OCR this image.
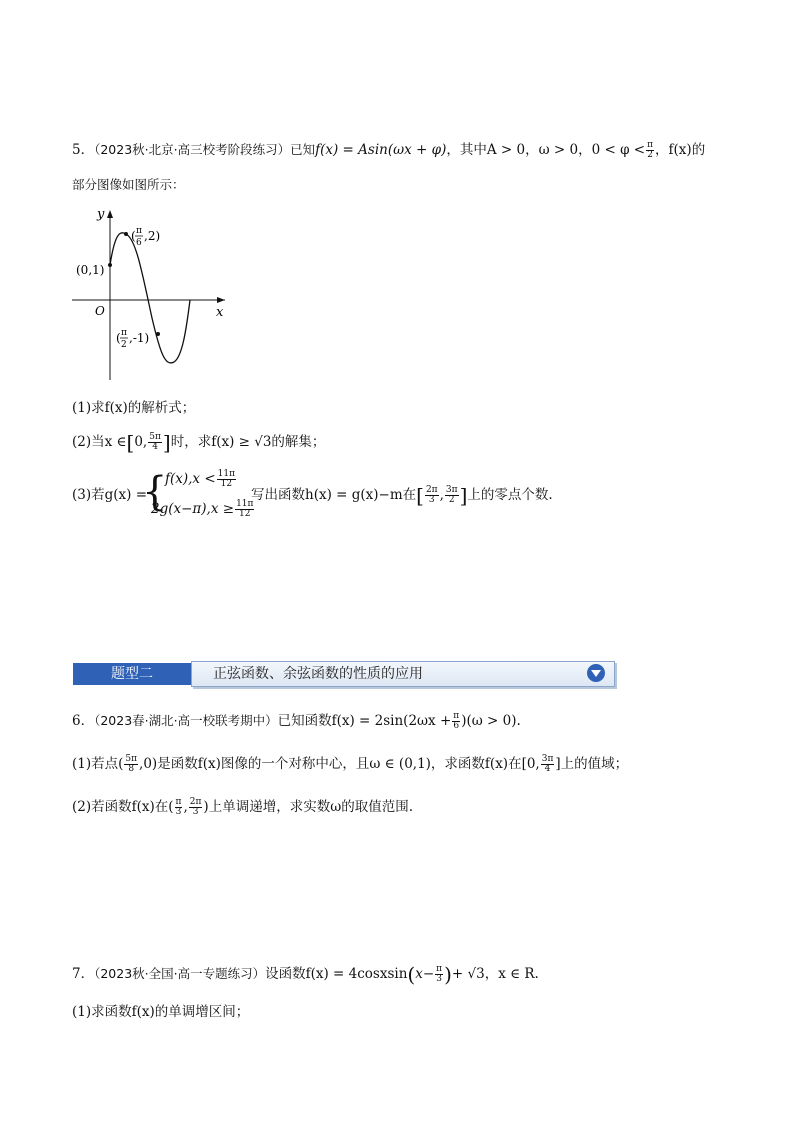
5．（2023秋·北京·高三校考阶段练习）已知f(x) = Asin(ωx + φ)，其中A > 0，ω > 0，$0 < \varphi < \frac{\pi}{2}$ ，f(x)的
部分图像如图所示：
y
x
O
(0,1)
( π
6 ,2)
( π
2 ,-1)
(1)求f(x)的解析式；
(2)当x ∈[0, $\frac{5\pi}{4}$ ]时，求f(x) ≥ √3的解集；
(3)若g(x) =
{
$f(x),x < \frac{11\pi}{12}$
$2g(x-\pi),x \ge \frac{11\pi}{12}$
写出函数h(x) = g(x)−m在[ $\frac{2\pi}{3}$ , $\frac{3\pi}{2}$ ]上的零点个数.
题型二	正弦函数、余弦函数的性质的应用
6．（2023春·湖北·高一校联考期中）已知函数$f(x) = 2\sin(2\omega x + \frac{\pi}{6} )(\omega > 0)$.
(1)若点( $\frac{5\pi}{8} ,0$)是函数f(x)图像的一个对称中心，且ω ∈ (0,1)，求函数f(x)在[0, $\frac{3\pi}{4}$ ]上的值域；
(2)若函数f(x)在( $\frac{\pi}{3}$ , $\frac{2\pi}{3}$ )上单调递增，求实数ω的取值范围.
7．（2023秋·全国·高一专题练习）设函数f(x) = 4cosxsin(x− $\frac{\pi}{3}$ )+ √3，x ∈ R.
(1)求函数f(x)的单调增区间；
